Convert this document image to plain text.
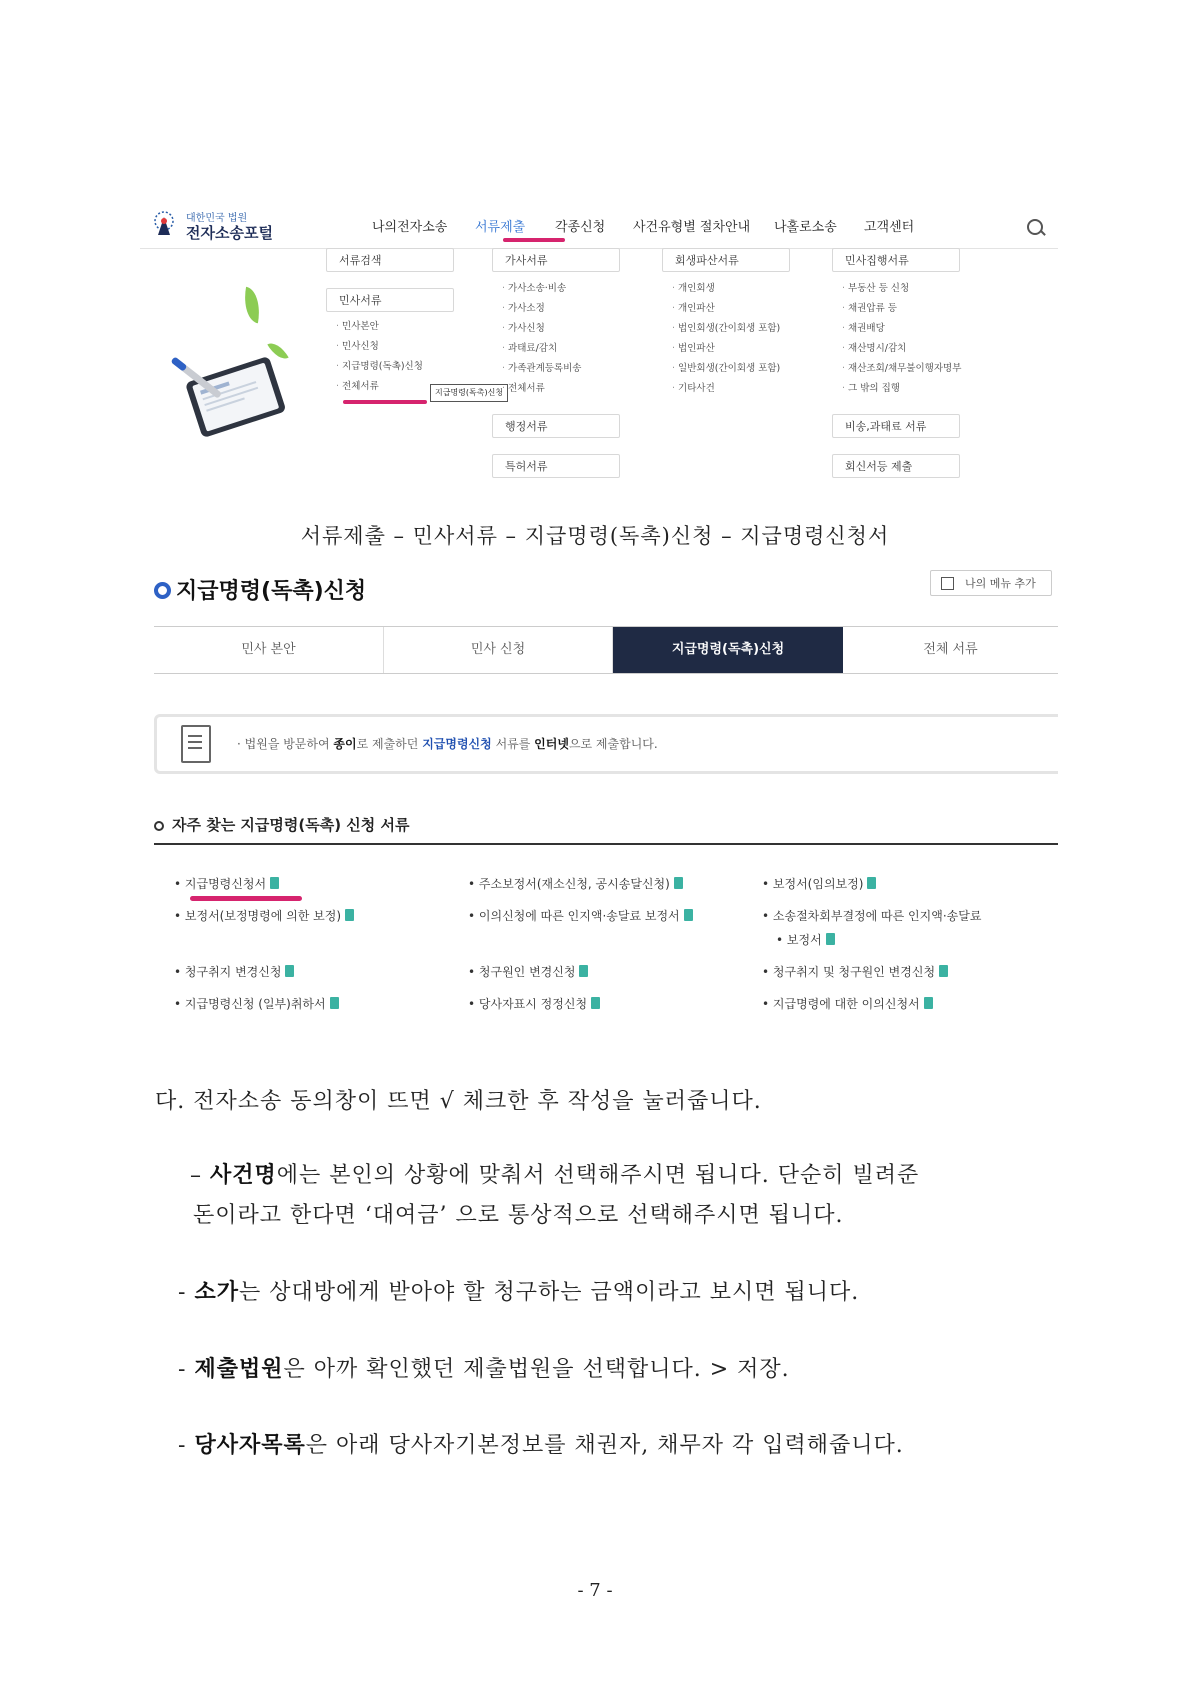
대한민국 법원
전자소송포털	나의전자소송 서류제출 각종신청 사건유형별 절차안내 나홀로소송 고객센터
서류검색
민사서류
· 민사본안
· 민사신청
· 지급명령(독촉)신청
· 전체서류
지급명령(독촉)신청
가사서류
· 가사소송·비송
· 가사소정
· 가사신청
· 과태료/감치
· 가족관계등록비송
· 전체서류
행정서류
특허서류
회생파산서류
· 개인회생
· 개인파산
· 법인회생(간이회생 포함)
· 법인파산
· 일반회생(간이회생 포함)
· 기타사건
민사집행서류
· 부동산 등 신청
· 채권압류 등
· 채권배당
· 재산명시/감치
· 재산조회/채무불이행자명부
· 그 밖의 집행
비송,과태료 서류
회신서등 제출
서류제출 – 민사서류 – 지급명령(독촉)신청 – 지급명령신청서
지급명령(독촉)신청	나의 메뉴 추가
민사 본안	민사 신청	지급명령(독촉)신청	전체 서류
· 법원을 방문하여 종이로 제출하던 지급명령신청 서류를 인터넷으로 제출합니다.
자주 찾는 지급명령(독촉) 신청 서류
• 지급명령신청서	• 주소보정서(재소신청, 공시송달신청)	• 보정서(임의보정)
• 보정서(보정명령에 의한 보정)	• 이의신청에 따른 인지액·송달료 보정서	• 소송절차회부결정에 따른 인지액·송달료
• 보정서
• 청구취지 변경신청	• 청구원인 변경신청	• 청구취지 및 청구원인 변경신청
• 지급명령신청 (일부)취하서	• 당사자표시 정정신청	• 지급명령에 대한 이의신청서
다. 전자소송 동의창이 뜨면 √ 체크한 후 작성을 눌러줍니다.
– 사건명에는 본인의 상황에 맞춰서 선택해주시면 됩니다. 단순히 빌려준
돈이라고 한다면 ‘대여금’ 으로 통상적으로 선택해주시면 됩니다.
- 소가는 상대방에게 받아야 할 청구하는 금액이라고 보시면 됩니다.
- 제출법원은 아까 확인했던 제출법원을 선택합니다. > 저장.
- 당사자목록은 아래 당사자기본정보를 채권자, 채무자 각 입력해줍니다.
- 7 -
